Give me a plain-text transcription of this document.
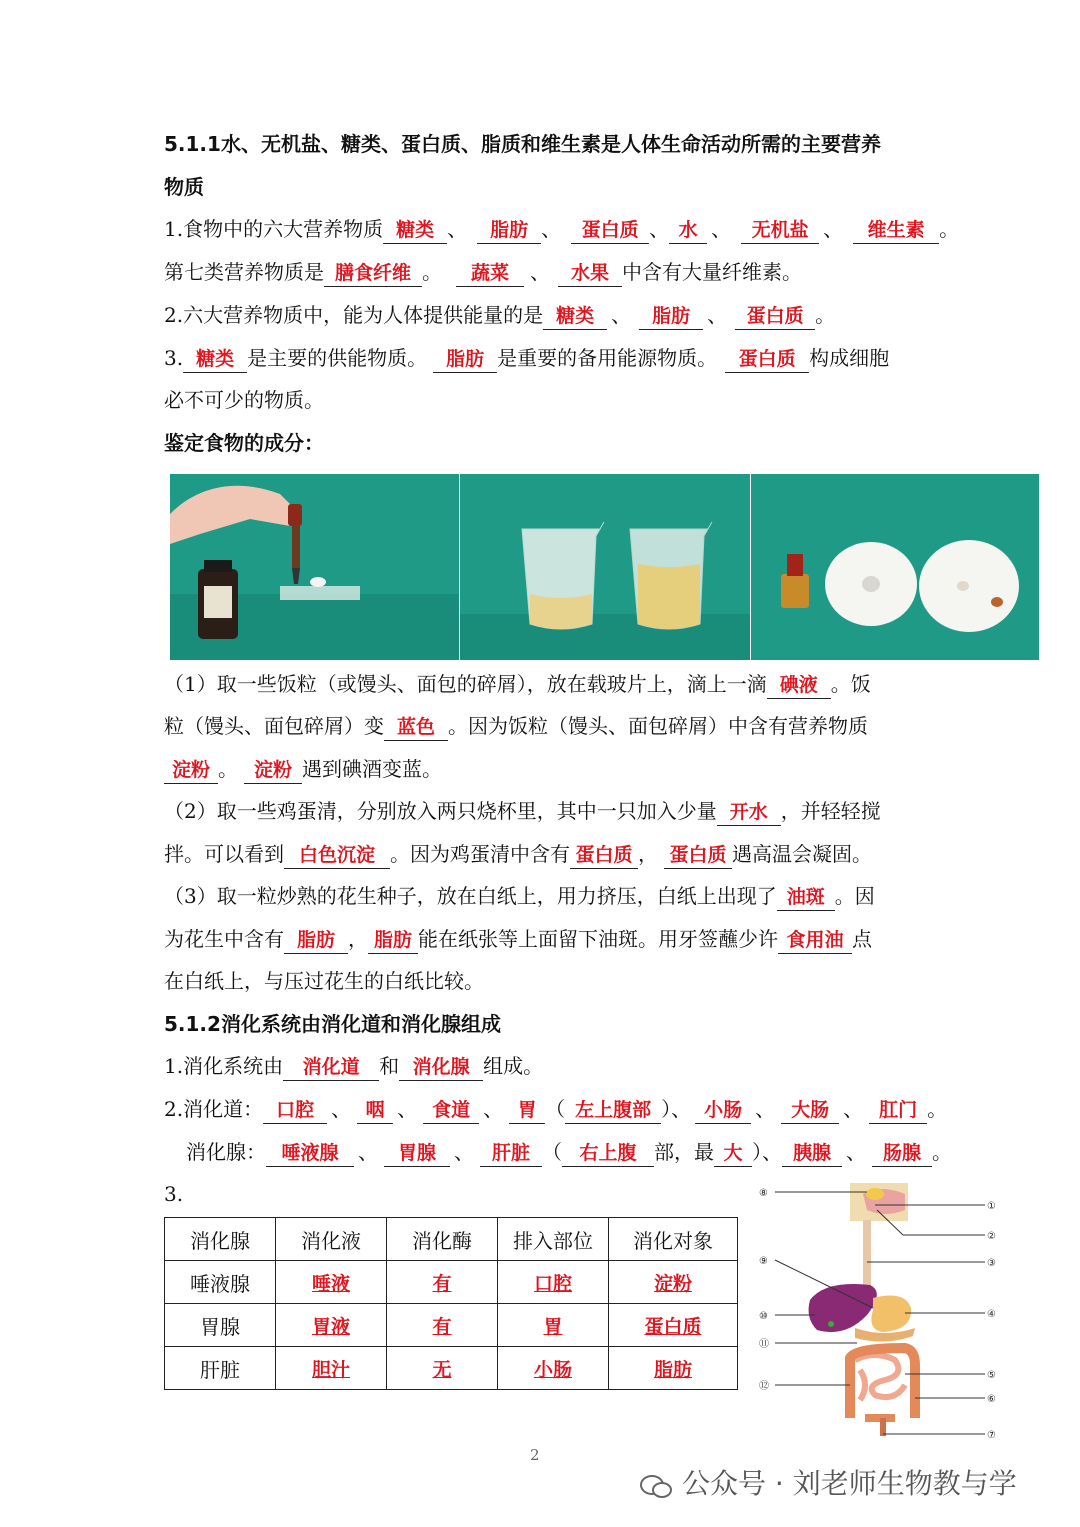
5.1.1水、无机盐、糖类、蛋白质、脂质和维生素是人体生命活动所需的主要营养
物质
1.食物中的六大营养物质 糖类 、 脂肪 、 蛋白质 、 水 、 无机盐 、 维生素 。
第七类营养物质是 膳食纤维 。 蔬菜 、 水果 中含有大量纤维素。
2.六大营养物质中，能为人体提供能量的是 糖类 、 脂肪 、 蛋白质 。
3. 糖类 是主要的供能物质。 脂肪 是重要的备用能源物质。 蛋白质 构成细胞
必不可少的物质。
鉴定食物的成分：
（1）取一些饭粒（或馒头、面包的碎屑），放在载玻片上，滴上一滴 碘液 。饭
粒（馒头、面包碎屑）变 蓝色 。因为饭粒（馒头、面包碎屑）中含有营养物质
淀粉 。 淀粉 遇到碘酒变蓝。
（2）取一些鸡蛋清，分别放入两只烧杯里，其中一只加入少量 开水 ，并轻轻搅
拌。可以看到 白色沉淀 。因为鸡蛋清中含有 蛋白质 ， 蛋白质 遇高温会凝固。
（3）取一粒炒熟的花生种子，放在白纸上，用力挤压，白纸上出现了 油斑 。因
为花生中含有 脂肪 ， 脂肪 能在纸张等上面留下油斑。用牙签蘸少许 食用油 点
在白纸上，与压过花生的白纸比较。
5.1.2消化系统由消化道和消化腺组成
1.消化系统由 消化道 和 消化腺 组成。
2.消化道： 口腔 、 咽 、 食道 、 胃 （ 左上腹部 ）、 小肠 、 大肠 、 肛门 。
消化腺： 唾液腺 、 胃腺 、 肝脏 （ 右上腹 部，最 大 ）、 胰腺 、 肠腺 。
3.
消化腺	消化液	消化酶	排入部位	消化对象
唾液腺	唾液	有	口腔	淀粉
胃腺	胃液	有	胃	蛋白质
肝脏	胆汁	无	小肠	脂肪
⑧
①
②
⑨	③
⑩	④
⑪
⑤
⑫
⑥
⑦
2
公众号 · 刘老师生物教与学
